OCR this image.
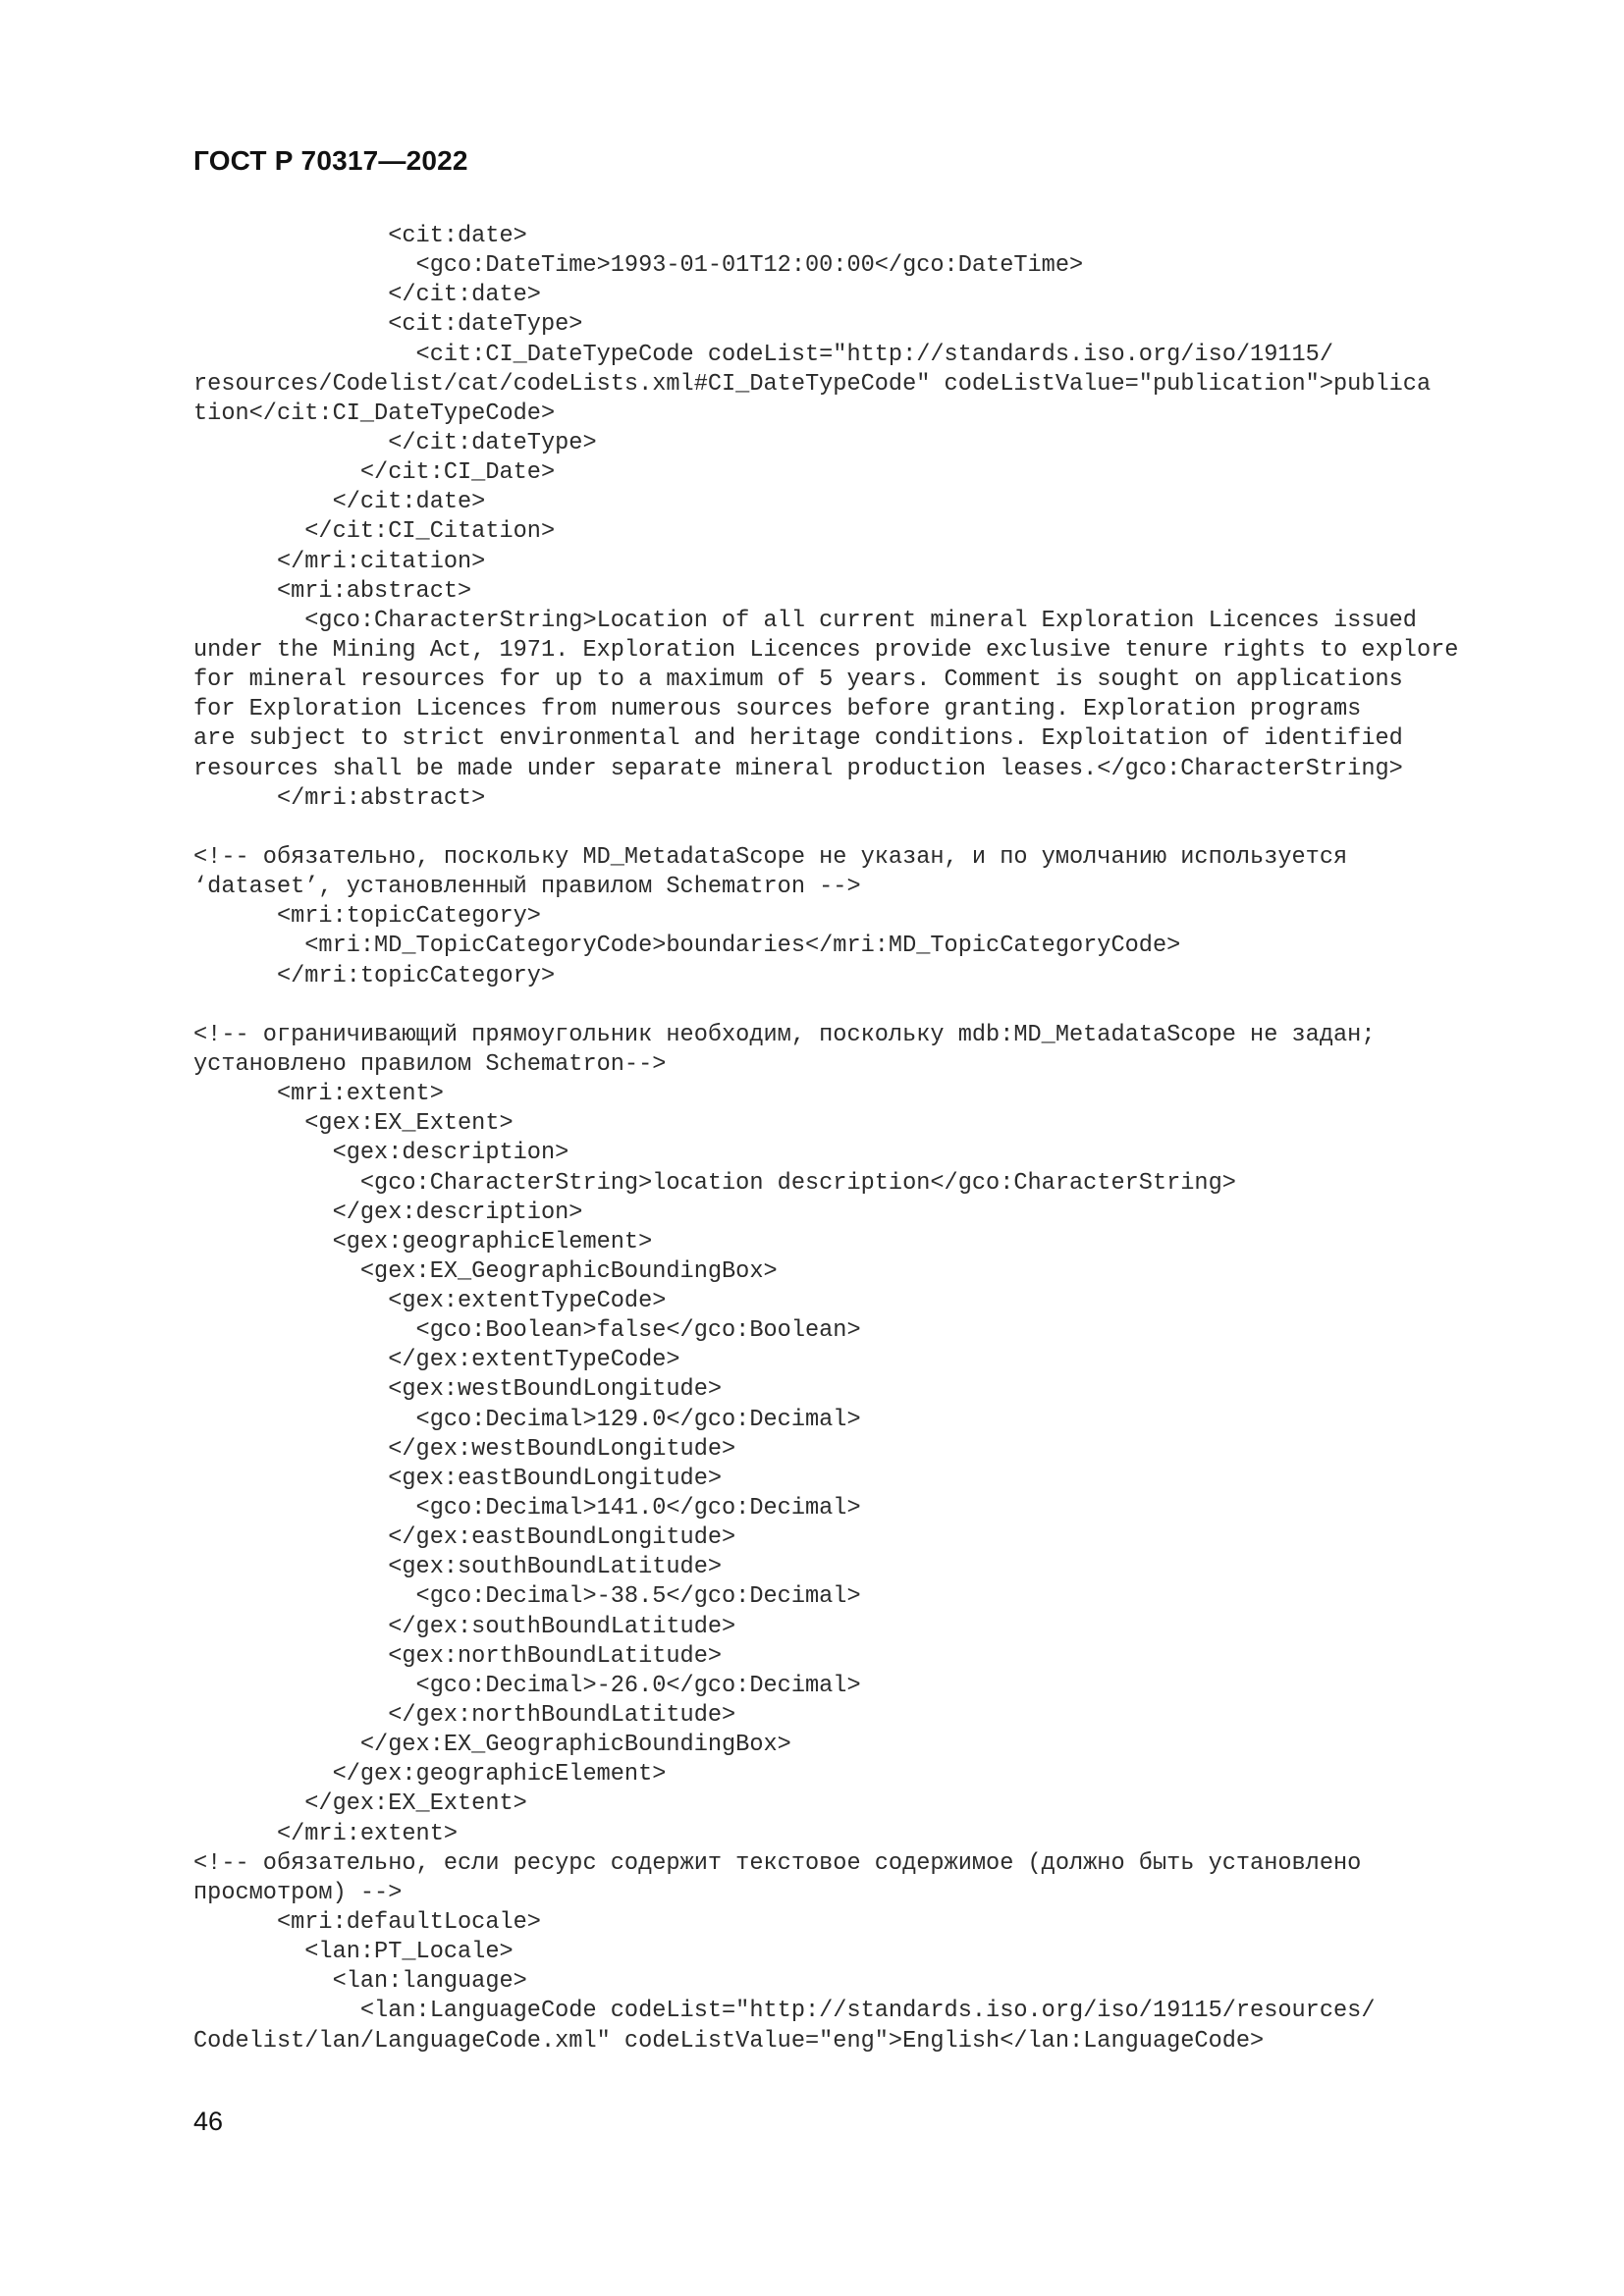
ГОСТ Р 70317—2022
<cit:date>
<gco:DateTime>1993-01-01T12:00:00</gco:DateTime>
</cit:date>
<cit:dateType>
<cit:CI_DateTypeCode codeList="http://standards.iso.org/iso/19115/
resources/Codelist/cat/codeLists.xml#CI_DateTypeCode" codeListValue="publication">publica
tion</cit:CI_DateTypeCode>
</cit:dateType>
</cit:CI_Date>
</cit:date>
</cit:CI_Citation>
</mri:citation>
<mri:abstract>
<gco:CharacterString>Location of all current mineral Exploration Licences issued
under the Mining Act, 1971. Exploration Licences provide exclusive tenure rights to explore
for mineral resources for up to a maximum of 5 years. Comment is sought on applications
for Exploration Licences from numerous sources before granting. Exploration programs
are subject to strict environmental and heritage conditions. Exploitation of identified
resources shall be made under separate mineral production leases.</gco:CharacterString>
</mri:abstract>
<!-- обязательно, поскольку MD_MetadataScope не указан, и по умолчанию используется
‘dataset’, установленный правилом Schematron -->
<mri:topicCategory>
<mri:MD_TopicCategoryCode>boundaries</mri:MD_TopicCategoryCode>
</mri:topicCategory>
<!-- ограничивающий прямоугольник необходим, поскольку mdb:MD_MetadataScope не задан;
установлено правилом Schematron-->
<mri:extent>
<gex:EX_Extent>
<gex:description>
<gco:CharacterString>location description</gco:CharacterString>
</gex:description>
<gex:geographicElement>
<gex:EX_GeographicBoundingBox>
<gex:extentTypeCode>
<gco:Boolean>false</gco:Boolean>
</gex:extentTypeCode>
<gex:westBoundLongitude>
<gco:Decimal>129.0</gco:Decimal>
</gex:westBoundLongitude>
<gex:eastBoundLongitude>
<gco:Decimal>141.0</gco:Decimal>
</gex:eastBoundLongitude>
<gex:southBoundLatitude>
<gco:Decimal>-38.5</gco:Decimal>
</gex:southBoundLatitude>
<gex:northBoundLatitude>
<gco:Decimal>-26.0</gco:Decimal>
</gex:northBoundLatitude>
</gex:EX_GeographicBoundingBox>
</gex:geographicElement>
</gex:EX_Extent>
</mri:extent>
<!-- обязательно, если ресурс содержит текстовое содержимое (должно быть установлено
просмотром) -->
<mri:defaultLocale>
<lan:PT_Locale>
<lan:language>
<lan:LanguageCode codeList="http://standards.iso.org/iso/19115/resources/
Codelist/lan/LanguageCode.xml" codeListValue="eng">English</lan:LanguageCode>
46
